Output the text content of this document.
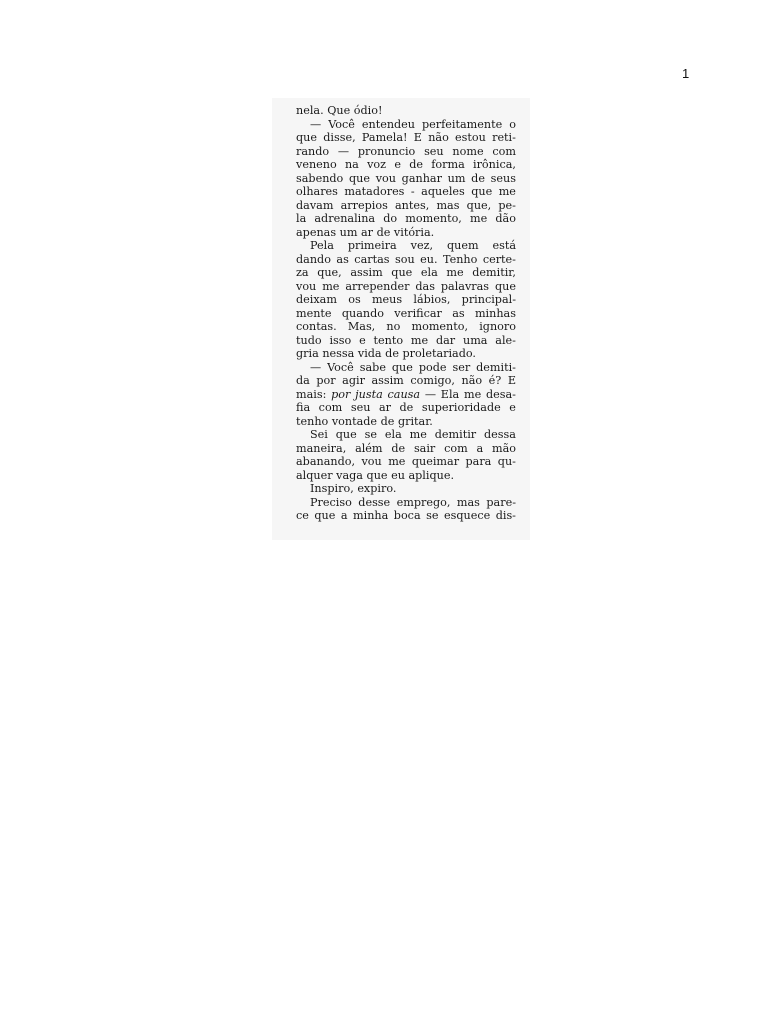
1
nela. Que ódio!
— Você entendeu perfeitamente o
que disse, Pamela! E não estou reti-
rando — pronuncio seu nome com
veneno na voz e de forma irônica,
sabendo que vou ganhar um de seus
olhares matadores - aqueles que me
davam arrepios antes, mas que, pe-
la adrenalina do momento, me dão
apenas um ar de vitória.
Pela primeira vez, quem está
dando as cartas sou eu. Tenho certe-
za que, assim que ela me demitir,
vou me arrepender das palavras que
deixam os meus lábios, principal-
mente quando verificar as minhas
contas. Mas, no momento, ignoro
tudo isso e tento me dar uma ale-
gria nessa vida de proletariado.
— Você sabe que pode ser demiti-
da por agir assim comigo, não é? E
mais: por justa causa — Ela me desa-
fia com seu ar de superioridade e
tenho vontade de gritar.
Sei que se ela me demitir dessa
maneira, além de sair com a mão
abanando, vou me queimar para qu-
alquer vaga que eu aplique.
Inspiro, expiro.
Preciso desse emprego, mas pare-
ce que a minha boca se esquece dis-
